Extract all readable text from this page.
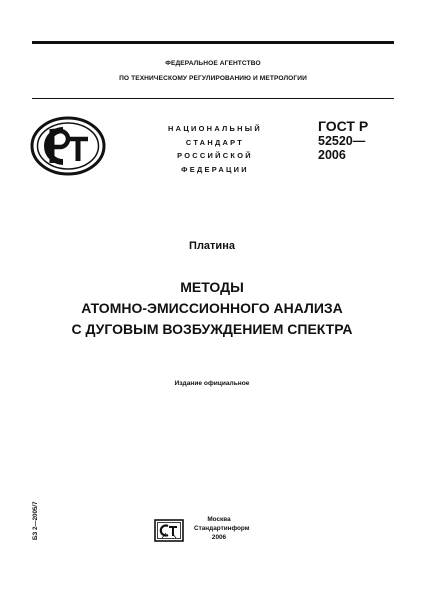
ФЕДЕРАЛЬНОЕ АГЕНТСТВО
ПО ТЕХНИЧЕСКОМУ РЕГУЛИРОВАНИЮ И МЕТРОЛОГИИ
НАЦИОНАЛЬНЫЙ
СТАНДАРТ
РОССИЙСКОЙ
ФЕДЕРАЦИИ
ГОСТ Р
52520—
2006
Платина
МЕТОДЫ
АТОМНО-ЭМИССИОННОГО АНАЛИЗА
С ДУГОВЫМ ВОЗБУЖДЕНИЕМ СПЕКТРА
Издание официальное
БЗ 2—2005/7	Москва
Стандартинформ
2006
